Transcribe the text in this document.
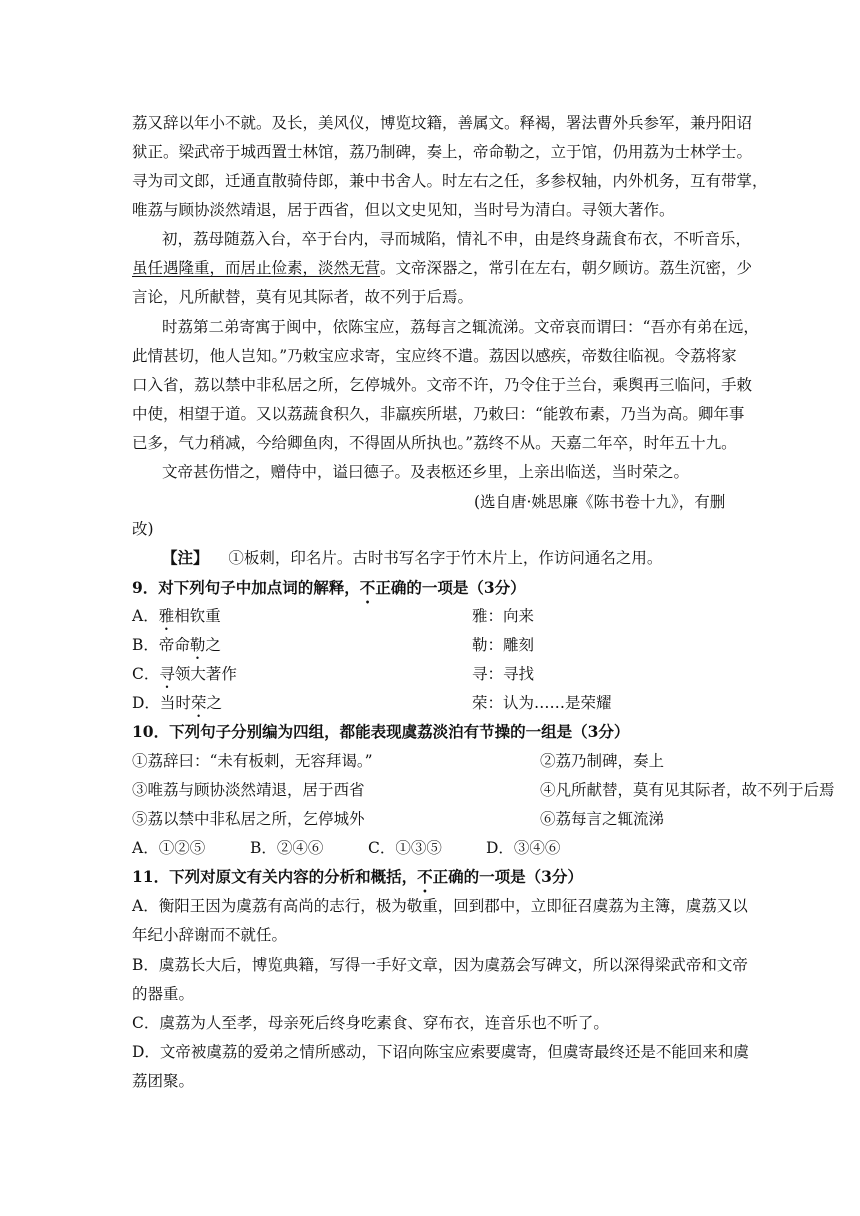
荔又辞以年小不就。及长，美风仪，博览坟籍，善属文。释褐，署法曹外兵参军，兼丹阳诏
狱正。梁武帝于城西置士林馆，荔乃制碑，奏上，帝命勒之，立于馆，仍用荔为士林学士。
寻为司文郎，迁通直散骑侍郎，兼中书舍人。时左右之任，多参权轴，内外机务，互有带掌，
唯荔与顾协淡然靖退，居于西省，但以文史见知，当时号为清白。寻领大著作。
初，荔母随荔入台，卒于台内，寻而城陷，情礼不申，由是终身蔬食布衣，不听音乐，
虽任遇隆重，而居止俭素，淡然无营。文帝深器之，常引在左右，朝夕顾访。荔生沉密，少
言论，凡所献替，莫有见其际者，故不列于后焉。
时荔第二弟寄寓于闽中，依陈宝应，荔每言之辄流涕。文帝哀而谓曰：“吾亦有弟在远，
此情甚切，他人岂知。”乃敕宝应求寄，宝应终不遣。荔因以感疾，帝数往临视。令荔将家
口入省，荔以禁中非私居之所，乞停城外。文帝不许，乃令住于兰台，乘舆再三临问，手敕
中使，相望于道。又以荔蔬食积久，非羸疾所堪，乃敕曰：“能敦布素，乃当为高。卿年事
已多，气力稍减，今给卿鱼肉，不得固从所执也。”荔终不从。天嘉二年卒，时年五十九。
文帝甚伤惜之，赠侍中，谥曰德子。及表柩还乡里，上亲出临送，当时荣之。
(选自唐·姚思廉《陈书卷十九》，有删
改)
【注】 ①板刺，印名片。古时书写名字于竹木片上，作访问通名之用。
9．对下列句子中加点词的解释，不正确的一项是（3分）
A．雅相钦重	雅：向来
B．帝命勒之	勒：雕刻
C．寻领大著作	寻：寻找
D．当时荣之	荣：认为……是荣耀
10．下列句子分别编为四组，都能表现虞荔淡泊有节操的一组是（3分）
①荔辞曰：“未有板刺，无容拜谒。”	②荔乃制碑，奏上
③唯荔与顾协淡然靖退，居于西省	④凡所献替，莫有见其际者，故不列于后焉
⑤荔以禁中非私居之所，乞停城外	⑥荔每言之辄流涕
A．①②⑤	B．②④⑥	C．①③⑤	D．③④⑥
11．下列对原文有关内容的分析和概括，不正确的一项是（3分）
A．衡阳王因为虞荔有高尚的志行，极为敬重，回到郡中，立即征召虞荔为主簿，虞荔又以
年纪小辞谢而不就任。
B．虞荔长大后，博览典籍，写得一手好文章，因为虞荔会写碑文，所以深得梁武帝和文帝
的器重。
C．虞荔为人至孝，母亲死后终身吃素食、穿布衣，连音乐也不听了。
D．文帝被虞荔的爱弟之情所感动，下诏向陈宝应索要虞寄，但虞寄最终还是不能回来和虞
荔团聚。
